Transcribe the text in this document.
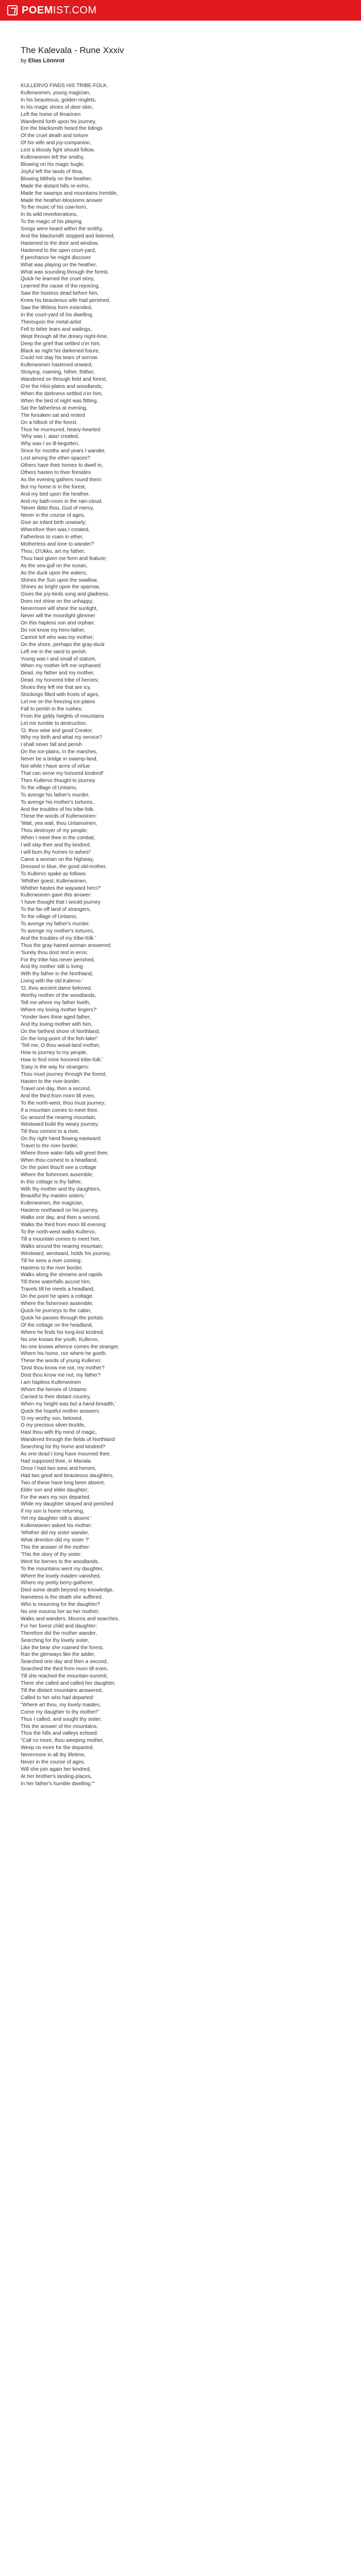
POEM IST.COM
The Kalevala - Rune Xxxiv
by Elias Lönnrot
KULLERVO FINDS HIS TRIBE-FOLK.
Kullerwoinen, young magician,
In his beauteous, golden ringlets,
In his magic shoes of deer-skin,
Left the home of Ilmarinen
Wandered forth upon his journey,
Ere the blacksmith heard the tidings
Of the cruel death and torture
Of his wife and joy-companion,
Lest a bloody fight should follow.
Kullerwoinen left the smithy,
Blowing on his magic bugle,
Joyful left the lands of Ilma,
Blowing blithely on the heather,
Made the distant hills re-echo,
Made the swamps and mountains tremble,
Made the heather-blossoms answer
To the music of his cow-horn,
In its wild reverberations,
To the magic of his playing.
Songs were heard within the smithy,
And the blacksmith stopped and listened,
Hastened to the door and window,
Hastened to the open court-yard,
If perchance he might discover
What was playing on the heather,
What was sounding through the forest.
Quick he learned the cruel story,
Learned the cause of the rejoicing,
Saw the hostess dead before him,
Knew his beauteous wife had perished,
Saw the lifeless form extended,
In the court-yard of his dwelling.
Thereupon the metal-artist
Fell to bitter tears and wailings,
Wept through all the dreary night-time,
Deep the grief that settled o'er him,
Black as night his darkened future,
Could not stay his tears of sorrow.
Kullerwoinen hastened onward,
Straying, roaming, hither, thither,
Wandered on through field and forest,
O'er the Hiisi-plains and woodlands;
When the darkness settled o'er him,
When the bird of night was flitting,
Sat the fatherless at evening,
The forsaken sat and rested
On a hillock of the forest.
Thus he murmured, heavy-hearted:
'Why was I, alas! created,
Why was I so ill-begotten,
Since for months and years I wander,
Lost among the ether-spaces?
Others have their homes to dwell in,
Others hasten to their firesides
As the evening gathers round them:
But my home is in the forest,
And my bed upon the heather,
And my bath-room in the rain-cloud.
'Never didst thou, God of mercy,
Never in the course of ages,
Give an infant birth unwisely;
Wherefore then was I created,
Fatherless to roam in ether,
Motherless and lone to wander?
Thou, O'Ukko, art my father;
Thou hast given me form and feature;
As the sea-gull on the ocean,
As the duck upon the waters,
Shines the Sun upon the swallow,
Shines as bright upon the sparrow,
Gives the joy-birds song and gladness,
Does not shine on the unhappy;
Nevermore will shine the sunlight,
Never will the moonlight glimmer
On this hapless son and orphan;
Do not know my hero-father,
Cannot tell who was my mother;
On the shore, perhaps the gray-duck
Left me in the sand to perish.
Young was I and small of stature,
When my mother left me orphaned;
Dead, my father and my mother,
Dead, my honored tribe of heroes;
Shoes they left me that are icy,
Stockings filled with frosts of ages,
Let me on the freezing ice-plains
Fall to perish in the rushes;
From the giddy heights of mountains
Let me tumble to destruction.
'O, thou wise and good Creator,
Why my birth and what my service?
I shall never fall and perish
On the ice-plains, in the marshes,
Never be a bridge in swamp-land,
Not while I have arms of virtue
That can serve my honored kindred!'
Then Kullervo thought to journey
To the village of Untamo,
To avenge his father's murder,
To avenge his mother's tortures,
And the troubles of his tribe-folk.
These the words of Kullerwoinen:
'Wait, yea wait, thou Untamoinen,
Thou destroyer of my people;
When I meet thee in the combat,
I will slay thee and thy kindred,
I will burn thy homes to ashes!'
Came a woman on the highway,
Dressed in blue, the good old-mother,
To Kullervo spake as follows:
'Whither goest, Kullerwoinen,
Whither hastes the wayward hero?'
Kullerwoinen gave this answer:
'I have thought that I would journey
To the far-off land of strangers,
To the village of Untamo,
To avenge my father's murder,
To avenge my mother's tortures,
And the troubles of my tribe-folk.'
Thus the gray-haired woman answered:
'Surely thou dost rest in error,
For thy tribe has never perished,
And thy mother still is living
With thy father in the Northland,
Living with the old Kalervo.'
'O, thou ancient dame beloved,
Worthy mother of the woodlands,
Tell me where my father liveth,
Where my loving mother lingers?'
'Yonder lives thine aged father,
And thy loving mother with him,
On the farthest shore of Northland,
On the long-point of the fish-lake!'
'Tell me, O thou wood-land mother,
How to journey to my people,
How to find mine honored tribe-folk.'
'Easy is the way for strangers:
Thou must journey through the forest,
Hasten to the river-border,
Travel one day, then a second,
And the third from morn till even,
To the north-west, thou must journey;
If a mountain comes to meet thee,
Go around the nearing mountain,
Westward build thy weary journey;
Till thou comest to a river,
On thy right hand flowing eastward;
Travel to the river-border,
Where three water-falls will greet thee;
When thou comest to a headland,
On the point thou'lt see a cottage
Where the fishermen assemble;
In this cottage is thy father,
With thy mother and thy daughters,
Beautiful thy maiden sisters.'
Kullerwoinen, the magician,
Hastens northward on his journey,
Walks one day, and then a second,
Walks the third from morn till evening;
To the north-west walks Kullervo,
Till a mountain comes to meet him,
Walks around the nearing mountain;
Westward, westward, holds his journey,
Till he sees a river coming;
Hastens to the river border,
Walks along the streams and rapids
Till three waterfalls accost him;
Travels till he meets a headland,
On the point he spies a cottage,
Where the fishermen assemble.
Quick he journeys to the cabin,
Quick he passes through the portals
Of the cottage on the headland,
Where he finds his long-lost kindred;
No one knows the youth, Kullervo,
No one knows whence comes the stranger,
Where his home, nor where he goeth.
These the words of young Kullervo:
'Dost thou know me not, my mother?
Dost thou know me not, my father?
I am hapless Kullerwoinen
Whom the heroes of Untamo
Carried to their distant country,
When my height was but a hand-breadth.'
Quick the hopeful mother answers:
'O my worthy son, beloved,
O my precious silver-buckle,
Hast thou with thy mind of magic,
Wandered through the fields of Northland
Searching for thy home and kindred?
As one dead I long have mourned thee,
Had supposed thee, in Manala.
Once I had two sons and heroes,
Had two good and beauteous daughters,
Two of these have long been absent,
Elder son and elder daughter;
For the wars my son departed,
While my daughter strayed and perished
If my son is home returning,
Yet my daughter still is absent.'
Kullerwoinen asked his mother:
'Whither did my sister wander,
What direction did my sister ?'
This the answer of the mother:
'This the story of thy sister:
Went for berries to the woodlands,
To the mountains went my daughter,
Where the lovely maiden vanished,
Where my pretty berry-gatherer,
Died some death beyond my knowledge,
Nameless is the death she suffered.
Who is mourning for the daughter?
No one mourns her as her mother;
Walks and wanders, Mourns and searches,
For her forest child and daughter;
Therefore did the mother wander,
Searching for thy lovely sister,
Like the bear she roamed the forest,
Ran the glenways like the adder,
Searched one day and then a second,
Searched the third from morn till even,
Till she reached the mountain-summit,
There she called and called her daughter,
Till the distant mountains answered,
Called to her who had departed:
"Where art thou, my lovely maiden,
Come my daughter to thy mother!"
Thus I called, and sought thy sister;
This the answer of the mountains,
Thus the hills and valleys echoed:
"Call no more, thou weeping mother,
Weep no more for the departed;
Nevermore in all thy lifetime,
Never in the course of ages,
Will she join again her kindred,
At her brother's landing-places,
In her father's humble dwelling."'
